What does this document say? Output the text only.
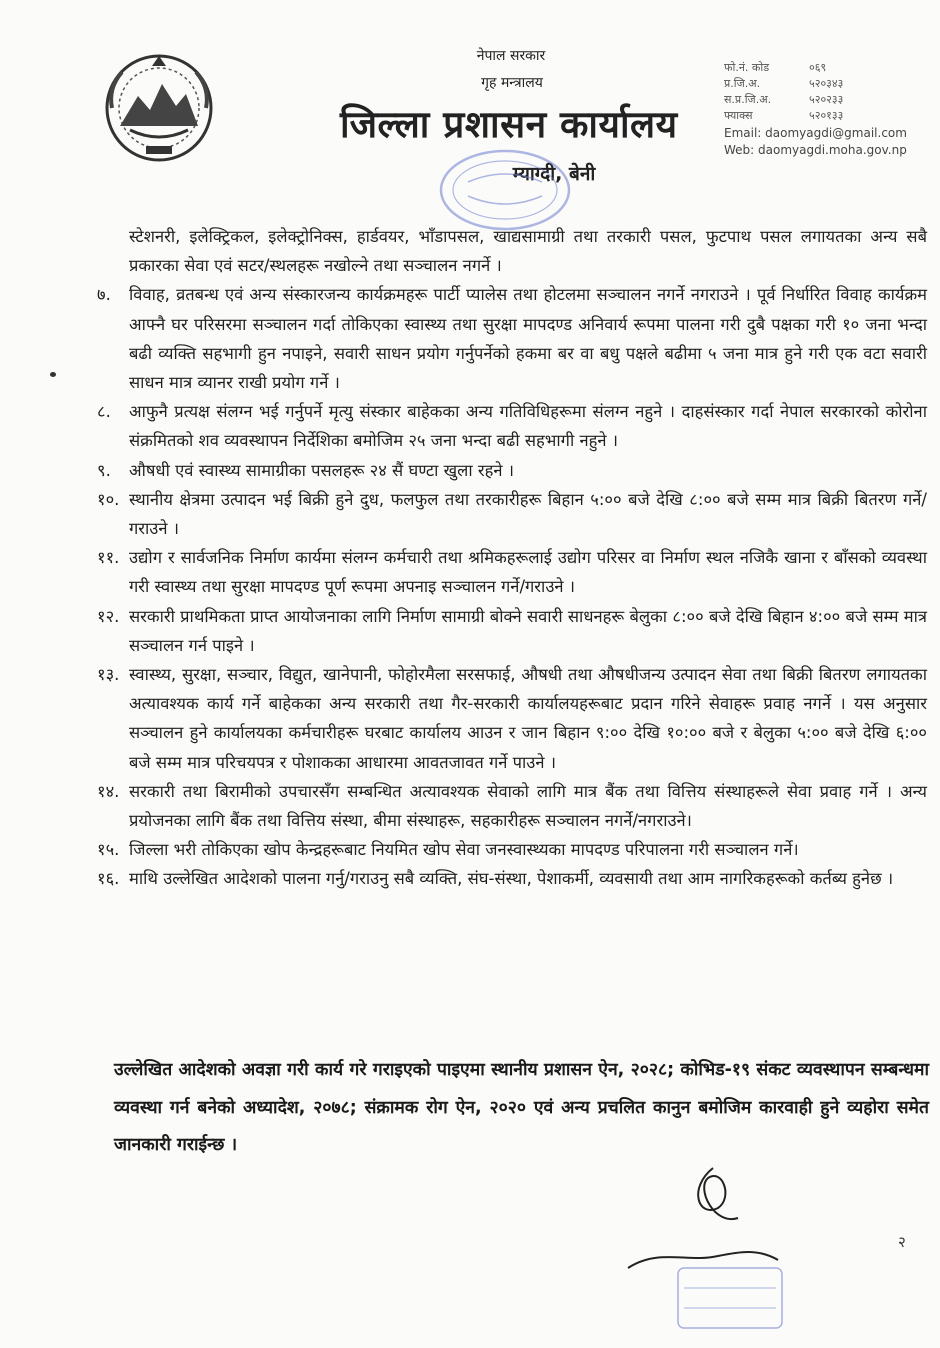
नेपाल सरकार
गृह मन्त्रालय
जिल्ला प्रशासन कार्यालय
म्याग्दी, बेनी
फो.नं. कोड	०६९
प्र.जि.अ.	५२०३४३
स.प्र.जि.अ.	५२०२३३
फ्याक्स	५२०१३३
Email: daomyagdi@gmail.com
Web: daomyagdi.moha.gov.np

स्टेशनरी, इलेक्ट्रिकल, इलेक्ट्रोनिक्स, हार्डवयर, भाँडापसल, खाद्यसामाग्री तथा तरकारी पसल, फुटपाथ पसल लगायतका अन्य सबै प्रकारका सेवा एवं सटर/स्थलहरू नखोल्ने तथा सञ्चालन नगर्ने ।

७. विवाह, व्रतबन्ध एवं अन्य संस्कारजन्य कार्यक्रमहरू पार्टी प्यालेस तथा होटलमा सञ्चालन नगर्ने नगराउने । पूर्व निर्धारित विवाह कार्यक्रम आफ्नै घर परिसरमा सञ्चालन गर्दा तोकिएका स्वास्थ्य तथा सुरक्षा मापदण्ड अनिवार्य रूपमा पालना गरी दुबै पक्षका गरी १० जना भन्दा बढी व्यक्ति सहभागी हुन नपाइने, सवारी साधन प्रयोग गर्नुपर्नेको हकमा बर वा बधु पक्षले बढीमा ५ जना मात्र हुने गरी एक वटा सवारी साधन मात्र व्यानर राखी प्रयोग गर्ने ।
८. आफुनै प्रत्यक्ष संलग्न भई गर्नुपर्ने मृत्यु संस्कार बाहेकका अन्य गतिविधिहरूमा संलग्न नहुने । दाहसंस्कार गर्दा नेपाल सरकारको कोरोना संक्रमितको शव व्यवस्थापन निर्देशिका बमोजिम २५ जना भन्दा बढी सहभागी नहुने ।
९. औषधी एवं स्वास्थ्य सामाग्रीका पसलहरू २४ सैं घण्टा खुला रहने ।
१०. स्थानीय क्षेत्रमा उत्पादन भई बिक्री हुने दुध, फलफुल तथा तरकारीहरू बिहान ५:०० बजे देखि ८:०० बजे सम्म मात्र बिक्री बितरण गर्ने/गराउने ।
११. उद्योग र सार्वजनिक निर्माण कार्यमा संलग्न कर्मचारी तथा श्रमिकहरूलाई उद्योग परिसर वा निर्माण स्थल नजिकै खाना र बाँसको व्यवस्था गरी स्वास्थ्य तथा सुरक्षा मापदण्ड पूर्ण रूपमा अपनाइ सञ्चालन गर्ने/गराउने ।
१२. सरकारी प्राथमिकता प्राप्त आयोजनाका लागि निर्माण सामाग्री बोक्ने सवारी साधनहरू बेलुका ८:०० बजे देखि बिहान ४:०० बजे सम्म मात्र सञ्चालन गर्न पाइने ।
१३. स्वास्थ्य, सुरक्षा, सञ्चार, विद्युत, खानेपानी, फोहोरमैला सरसफाई, औषधी तथा औषधीजन्य उत्पादन सेवा तथा बिक्री बितरण लगायतका अत्यावश्यक कार्य गर्ने बाहेकका अन्य सरकारी तथा गैर-सरकारी कार्यालयहरूबाट प्रदान गरिने सेवाहरू प्रवाह नगर्ने । यस अनुसार सञ्चालन हुने कार्यालयका कर्मचारीहरू घरबाट कार्यालय आउन र जान बिहान ९:०० देखि १०:०० बजे र बेलुका ५:०० बजे देखि ६:०० बजे सम्म मात्र परिचयपत्र र पोशाकका आधारमा आवतजावत गर्ने पाउने ।
१४. सरकारी तथा बिरामीको उपचारसँग सम्बन्धित अत्यावश्यक सेवाको लागि मात्र बैंक तथा वित्तिय संस्थाहरूले सेवा प्रवाह गर्ने । अन्य प्रयोजनका लागि बैंक तथा वित्तिय संस्था, बीमा संस्थाहरू, सहकारीहरू सञ्चालन नगर्ने/नगराउने।
१५. जिल्ला भरी तोकिएका खोप केन्द्रहरूबाट नियमित खोप सेवा जनस्वास्थ्यका मापदण्ड परिपालना गरी सञ्चालन गर्ने।
१६. माथि उल्लेखित आदेशको पालना गर्नु/गराउनु सबै व्यक्ति, संघ-संस्था, पेशाकर्मी, व्यवसायी तथा आम नागरिकहरूको कर्तब्य हुनेछ ।
उल्लेखित आदेशको अवज्ञा गरी कार्य गरे गराइएको पाइएमा स्थानीय प्रशासन ऐन, २०२८; कोभिड-१९ संकट व्यवस्थापन सम्बन्धमा व्यवस्था गर्न बनेको अध्यादेश, २०७८; संक्रामक रोग ऐन, २०२० एवं अन्य प्रचलित कानुन बमोजिम कारवाही हुने व्यहोरा समेत जानकारी गराईन्छ ।
२
